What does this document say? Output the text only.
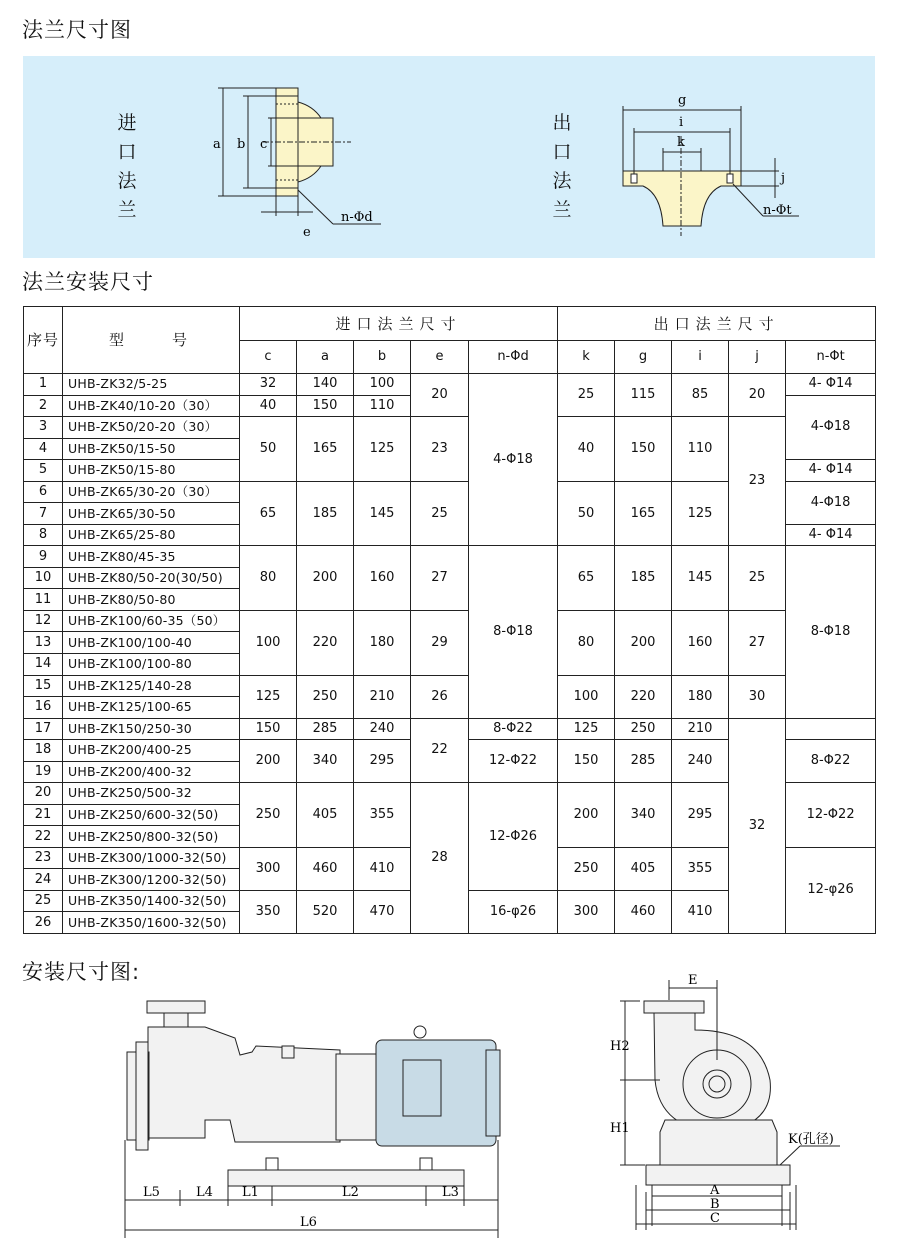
法兰尺寸图
法兰安装尺寸
安装尺寸图:
进
口
法
兰
出
口
法
兰
a b c
e
n-Φd
g
i
k
j
n-Φt
序号	型　　号	进口法兰尺寸					出口法兰尺寸				
		c	a	b	e	n-Φd	k	g	i	j	n-Φt
1	UHB-ZK32/5-25	32	140	100	20	4-Φ18	25	115	85	20	4- Φ14
2	UHB-ZK40/10-20（30）	40	150	110							4-Φ18
3	UHB-ZK50/20-20（30）	50	165	125	23		40	150	110	23	
4	UHB-ZK50/15-50										
5	UHB-ZK50/15-80										4- Φ14
6	UHB-ZK65/30-20（30）	65	185	145	25		50	165	125		4-Φ18
7	UHB-ZK65/30-50										
8	UHB-ZK65/25-80										4- Φ14
9	UHB-ZK80/45-35	80	200	160	27	8-Φ18	65	185	145	25	8-Φ18
10	UHB-ZK80/50-20(30/50)										
11	UHB-ZK80/50-80										
12	UHB-ZK100/60-35（50）	100	220	180	29		80	200	160	27	
13	UHB-ZK100/100-40										
14	UHB-ZK100/100-80										
15	UHB-ZK125/140-28	125	250	210	26		100	220	180	30	
16	UHB-ZK125/100-65										
17	UHB-ZK150/250-30	150	285	240	22	8-Φ22	125	250	210	32	
18	UHB-ZK200/400-25	200	340	295		12-Φ22	150	285	240		8-Φ22
19	UHB-ZK200/400-32										
20	UHB-ZK250/500-32	250	405	355	28	12-Φ26	200	340	295		12-Φ22
21	UHB-ZK250/600-32(50)										
22	UHB-ZK250/800-32(50)										
23	UHB-ZK300/1000-32(50)	300	460	410			250	405	355		12-φ26
24	UHB-ZK300/1200-32(50)										
25	UHB-ZK350/1400-32(50)	350	520	470		16-φ26	300	460	410		
26	UHB-ZK350/1600-32(50)										
L5	L4 L1	L2	L3
L6
E
H2
H1
A
B
C
K(孔径)
